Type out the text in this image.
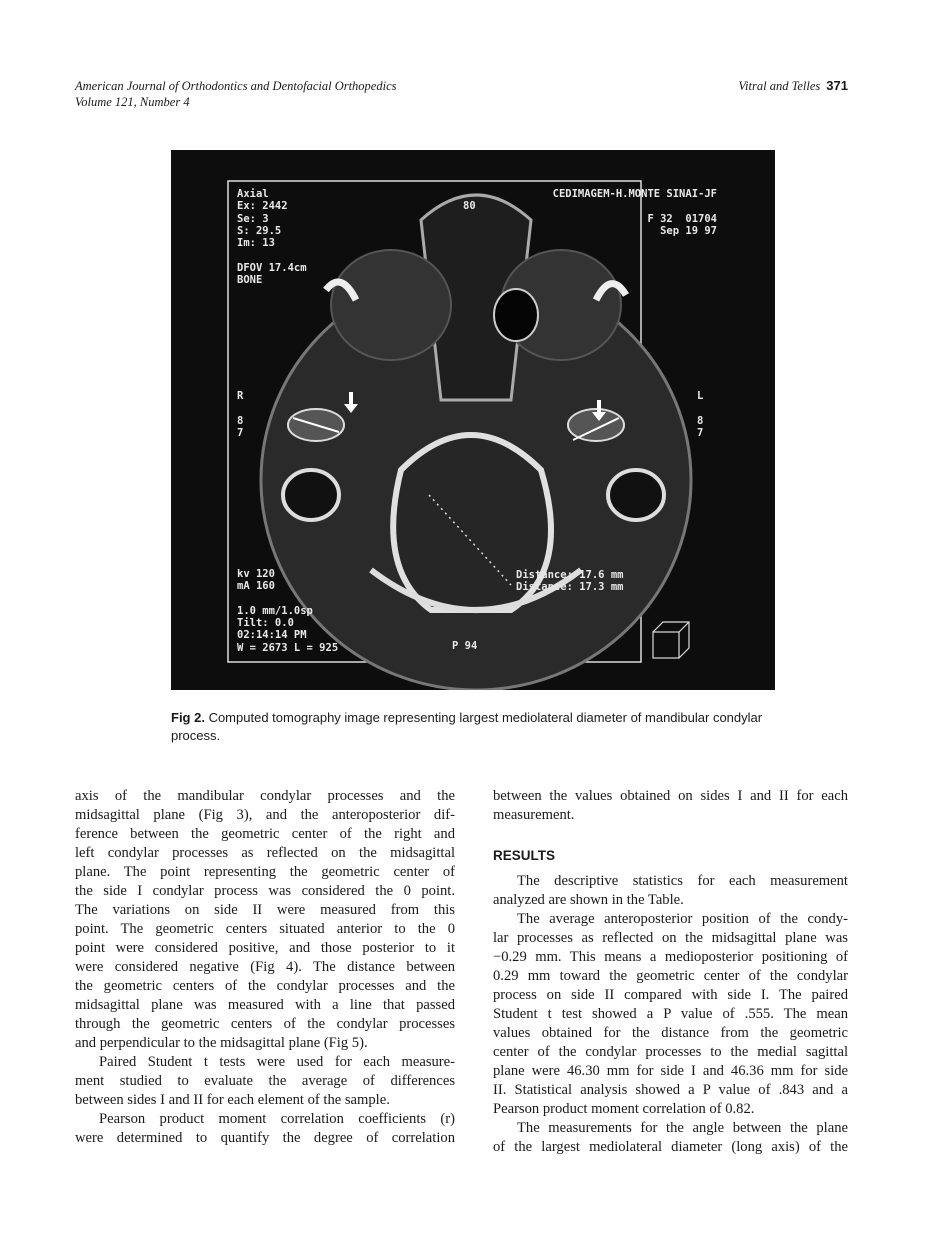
American Journal of Orthodontics and Dentofacial Orthopedics
Volume 121, Number 4
Vitral and Telles 371
Axial
Ex: 2442
Se: 3
S: 29.5
Im: 13

DFOV 17.4cm
BONE
80
CEDIMAGEM-H.MONTE SINAI-JF

F 32  01704
Sep 19 97
R

8
7
L

8
7
kv 120
mA 160

1.0 mm/1.0sp
Tilt: 0.0
02:14:14 PM
W = 2673 L = 925	P 94
Distance: 17.6 mm
Distance: 17.3 mm
Fig 2. Computed tomography image representing largest mediolateral diameter of mandibular condylar process.
axis of the mandibular condylar processes and the
midsagittal plane (Fig 3), and the anteroposterior dif-
ference between the geometric center of the right and
left condylar processes as reflected on the midsagittal
plane. The point representing the geometric center of
the side I condylar process was considered the 0 point.
The variations on side II were measured from this
point. The geometric centers situated anterior to the 0
point were considered positive, and those posterior to it
were considered negative (Fig 4). The distance between
the geometric centers of the condylar processes and the
midsagittal plane was measured with a line that passed
through the geometric centers of the condylar processes
and perpendicular to the midsagittal plane (Fig 5).
Paired Student t tests were used for each measure-
ment studied to evaluate the average of differences
between sides I and II for each element of the sample.
Pearson product moment correlation coefficients (r)
were determined to quantify the degree of correlation
between the values obtained on sides I and II for each
measurement.
RESULTS
The descriptive statistics for each measurement
analyzed are shown in the Table.
The average anteroposterior position of the condy-
lar processes as reflected on the midsagittal plane was
−0.29 mm. This means a medioposterior positioning of
0.29 mm toward the geometric center of the condylar
process on side II compared with side I. The paired
Student t test showed a P value of .555. The mean
values obtained for the distance from the geometric
center of the condylar processes to the medial sagittal
plane were 46.30 mm for side I and 46.36 mm for side
II. Statistical analysis showed a P value of .843 and a
Pearson product moment correlation of 0.82.
The measurements for the angle between the plane
of the largest mediolateral diameter (long axis) of the
